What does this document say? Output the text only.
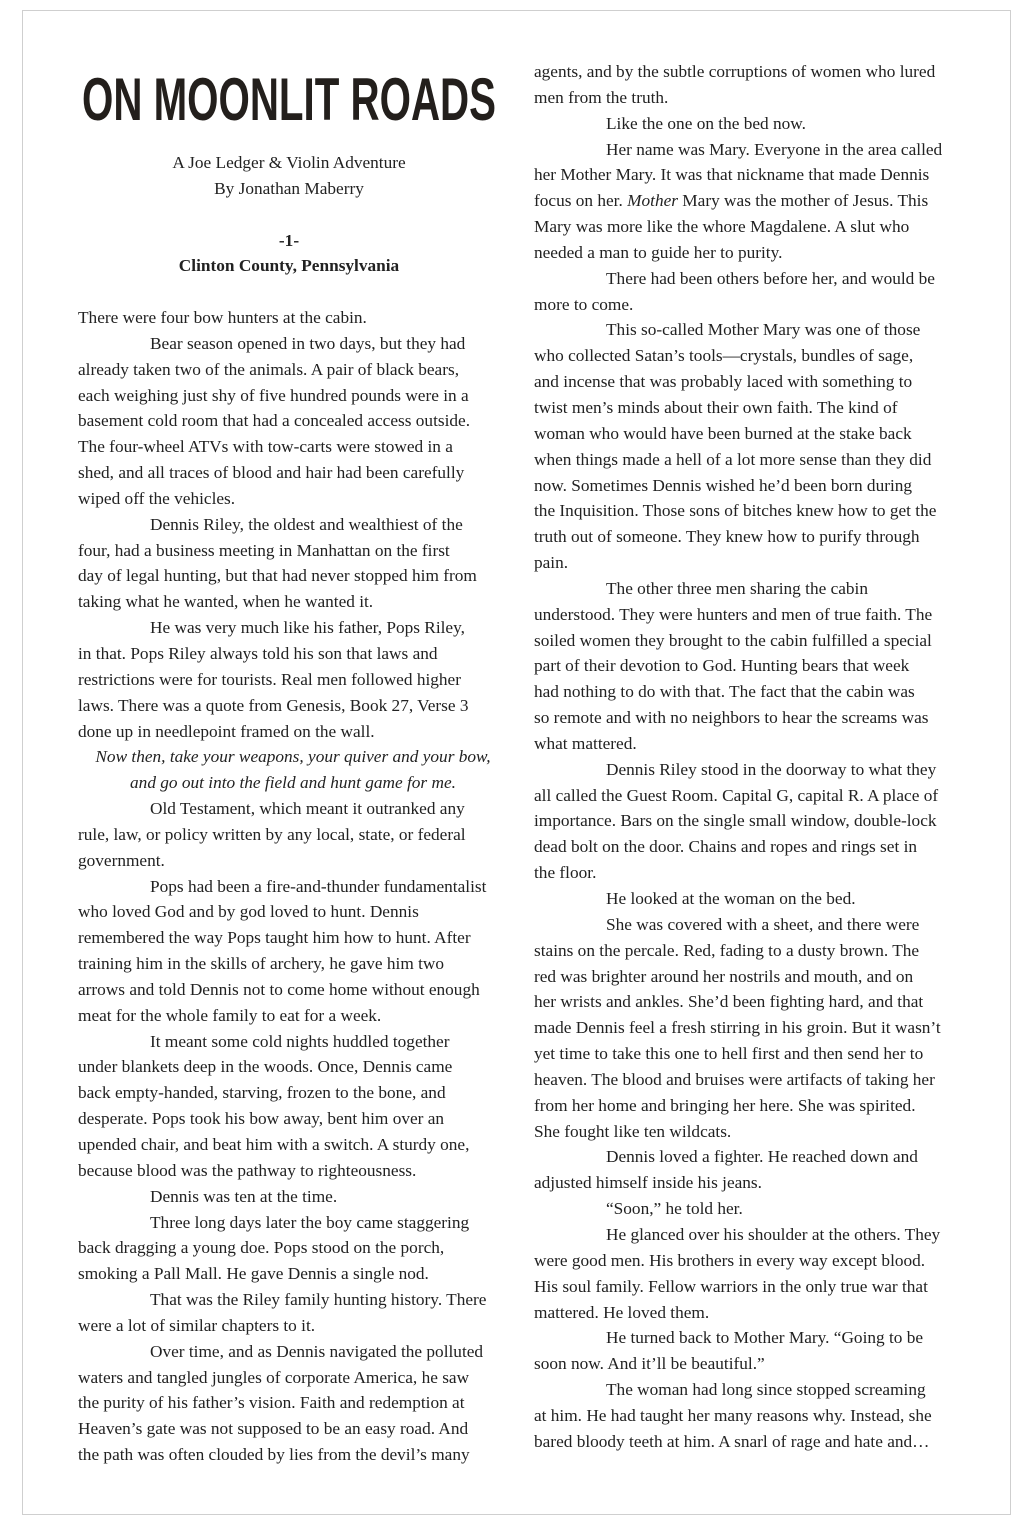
ON MOONLIT ROADS
A Joe Ledger & Violin Adventure
By Jonathan Maberry
-1-
Clinton County, Pennsylvania
There were four bow hunters at the cabin.
Bear season opened in two days, but they had
already taken two of the animals. A pair of black bears,
each weighing just shy of five hundred pounds were in a
basement cold room that had a concealed access outside.
The four-wheel ATVs with tow-carts were stowed in a
shed, and all traces of blood and hair had been carefully
wiped off the vehicles.
Dennis Riley, the oldest and wealthiest of the
four, had a business meeting in Manhattan on the first
day of legal hunting, but that had never stopped him from
taking what he wanted, when he wanted it.
He was very much like his father, Pops Riley,
in that. Pops Riley always told his son that laws and
restrictions were for tourists. Real men followed higher
laws. There was a quote from Genesis, Book 27, Verse 3
done up in needlepoint framed on the wall.
Now then, take your weapons, your quiver and your bow,
and go out into the field and hunt game for me.
Old Testament, which meant it outranked any
rule, law, or policy written by any local, state, or federal
government.
Pops had been a fire-and-thunder fundamentalist
who loved God and by god loved to hunt. Dennis
remembered the way Pops taught him how to hunt. After
training him in the skills of archery, he gave him two
arrows and told Dennis not to come home without enough
meat for the whole family to eat for a week.
It meant some cold nights huddled together
under blankets deep in the woods. Once, Dennis came
back empty-handed, starving, frozen to the bone, and
desperate. Pops took his bow away, bent him over an
upended chair, and beat him with a switch. A sturdy one,
because blood was the pathway to righteousness.
Dennis was ten at the time.
Three long days later the boy came staggering
back dragging a young doe. Pops stood on the porch,
smoking a Pall Mall. He gave Dennis a single nod.
That was the Riley family hunting history. There
were a lot of similar chapters to it.
Over time, and as Dennis navigated the polluted
waters and tangled jungles of corporate America, he saw
the purity of his father’s vision. Faith and redemption at
Heaven’s gate was not supposed to be an easy road. And
the path was often clouded by lies from the devil’s many
agents, and by the subtle corruptions of women who lured
men from the truth.
Like the one on the bed now.
Her name was Mary. Everyone in the area called
her Mother Mary. It was that nickname that made Dennis
focus on her. Mother Mary was the mother of Jesus. This
Mary was more like the whore Magdalene. A slut who
needed a man to guide her to purity.
There had been others before her, and would be
more to come.
This so-called Mother Mary was one of those
who collected Satan’s tools—crystals, bundles of sage,
and incense that was probably laced with something to
twist men’s minds about their own faith. The kind of
woman who would have been burned at the stake back
when things made a hell of a lot more sense than they did
now. Sometimes Dennis wished he’d been born during
the Inquisition. Those sons of bitches knew how to get the
truth out of someone. They knew how to purify through
pain.
The other three men sharing the cabin
understood. They were hunters and men of true faith. The
soiled women they brought to the cabin fulfilled a special
part of their devotion to God. Hunting bears that week
had nothing to do with that. The fact that the cabin was
so remote and with no neighbors to hear the screams was
what mattered.
Dennis Riley stood in the doorway to what they
all called the Guest Room. Capital G, capital R. A place of
importance. Bars on the single small window, double-lock
dead bolt on the door. Chains and ropes and rings set in
the floor.
He looked at the woman on the bed.
She was covered with a sheet, and there were
stains on the percale. Red, fading to a dusty brown. The
red was brighter around her nostrils and mouth, and on
her wrists and ankles. She’d been fighting hard, and that
made Dennis feel a fresh stirring in his groin. But it wasn’t
yet time to take this one to hell first and then send her to
heaven. The blood and bruises were artifacts of taking her
from her home and bringing her here. She was spirited.
She fought like ten wildcats.
Dennis loved a fighter. He reached down and
adjusted himself inside his jeans.
“Soon,” he told her.
He glanced over his shoulder at the others. They
were good men. His brothers in every way except blood.
His soul family. Fellow warriors in the only true war that
mattered. He loved them.
He turned back to Mother Mary. “Going to be
soon now. And it’ll be beautiful.”
The woman had long since stopped screaming
at him. He had taught her many reasons why. Instead, she
bared bloody teeth at him. A snarl of rage and hate and…
